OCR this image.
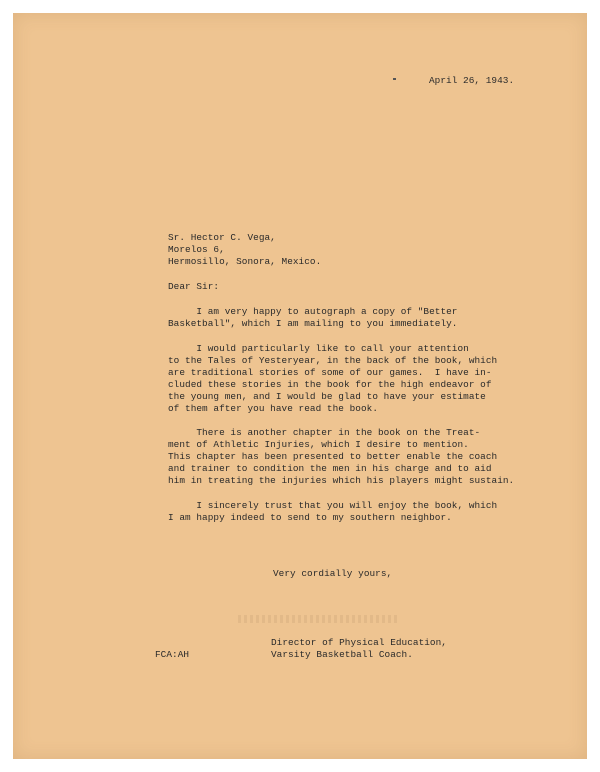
April 26, 1943.
Sr. Hector C. Vega,
Morelos 6,
Hermosillo, Sonora, Mexico.
Dear Sir:
I am very happy to autograph a copy of "Better
Basketball", which I am mailing to you immediately.
I would particularly like to call your attention
to the Tales of Yesteryear, in the back of the book, which
are traditional stories of some of our games.  I have in-
cluded these stories in the book for the high endeavor of
the young men, and I would be glad to have your estimate
of them after you have read the book.
There is another chapter in the book on the Treat-
ment of Athletic Injuries, which I desire to mention.
This chapter has been presented to better enable the coach
and trainer to condition the men in his charge and to aid
him in treating the injuries which his players might sustain.
I sincerely trust that you will enjoy the book, which
I am happy indeed to send to my southern neighbor.
Very cordially yours,
Director of Physical Education,
Varsity Basketball Coach.
FCA:AH
